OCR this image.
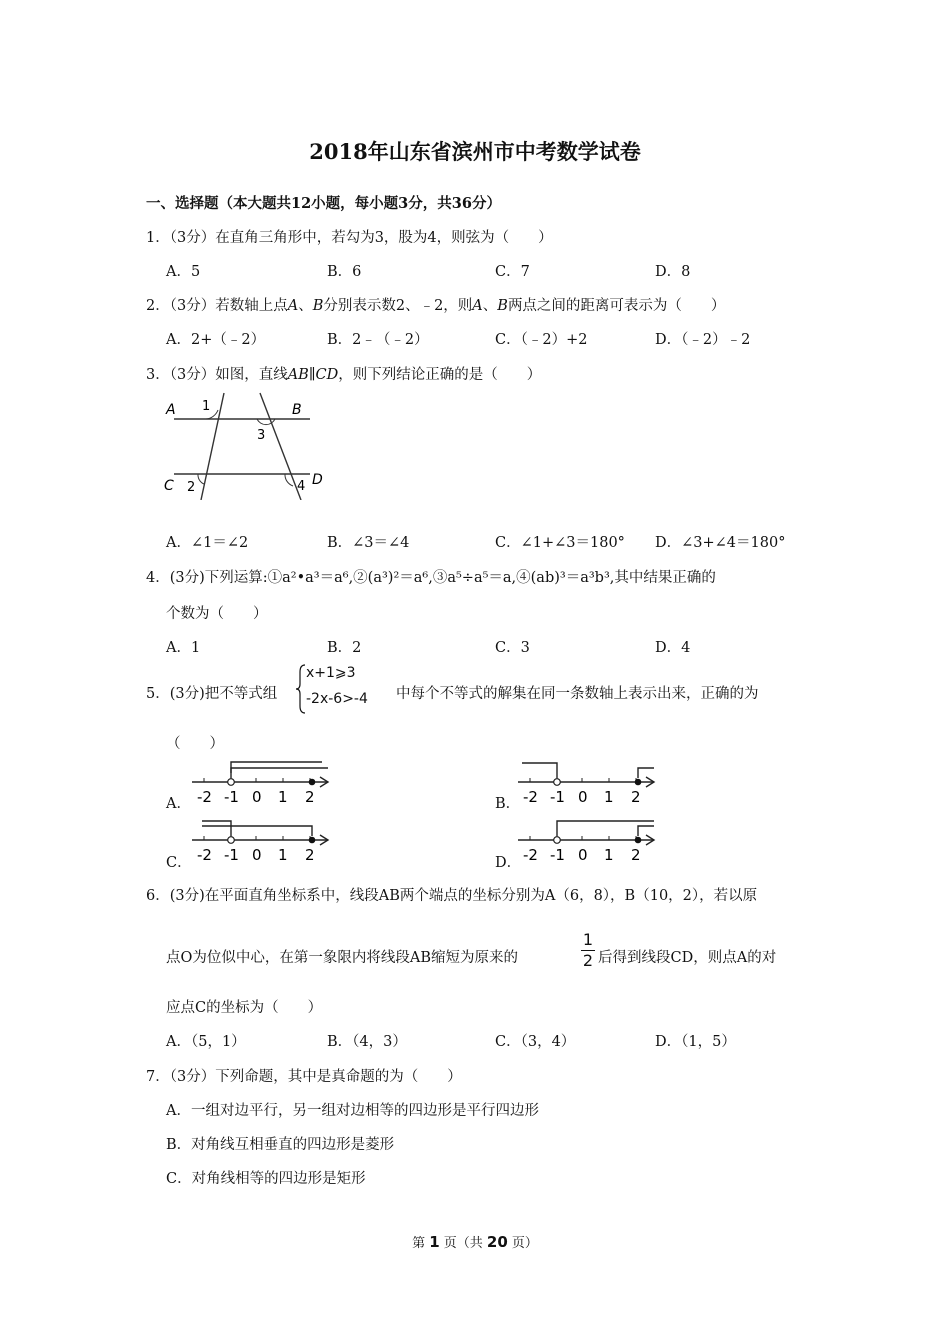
2018年山东省滨州市中考数学试卷
一、选择题（本大题共12小题，每小题3分，共36分）
1．（3分）在直角三角形中，若勾为3，股为4，则弦为（　　）
A．5	B．6	C．7	D．8
2．（3分）若数轴上点A、B分别表示数2、﹣2，则A、B两点之间的距离可表示为（　　）
A．2+（﹣2）	B．2﹣（﹣2）	C．（﹣2）+2	D．（﹣2）﹣2
3．（3分）如图，直线AB∥CD，则下列结论正确的是（　　）
A	B
C	D
1
3
2	4
A．∠1＝∠2	B．∠3＝∠4	C．∠1+∠3＝180° D．∠3+∠4＝180°
4．(3分)下列运算:①a²•a³＝a⁶,②(a³)²＝a⁶,③a⁵÷a⁵＝a,④(ab)³＝a³b³,其中结果正确的
个数为（　　）
A．1	B．2	C．3	D．4
5．(3分)把不等式组
x+1⩾3
-2x-6>-4 中每个不等式的解集在同一条数轴上表示出来，正确的为
（　　）
A．	B．
C．	D．
-2 -1 0 1 2	-2 -1 0 1 2
-2 -1 0 1 2	-2 -1 0 1 2
6．(3分)在平面直角坐标系中，线段AB两个端点的坐标分别为A（6，8），B（10，2），若以原
点O为位似中心，在第一象限内将线段AB缩短为原来的
1
2 后得到线段CD，则点A的对
应点C的坐标为（　　）
A．（5，1）	B．（4，3）	C．（3，4）	D．（1，5）
7．（3分）下列命题，其中是真命题的为（　　）
A．一组对边平行，另一组对边相等的四边形是平行四边形
B．对角线互相垂直的四边形是菱形
C．对角线相等的四边形是矩形
第 1 页（共 20 页）
